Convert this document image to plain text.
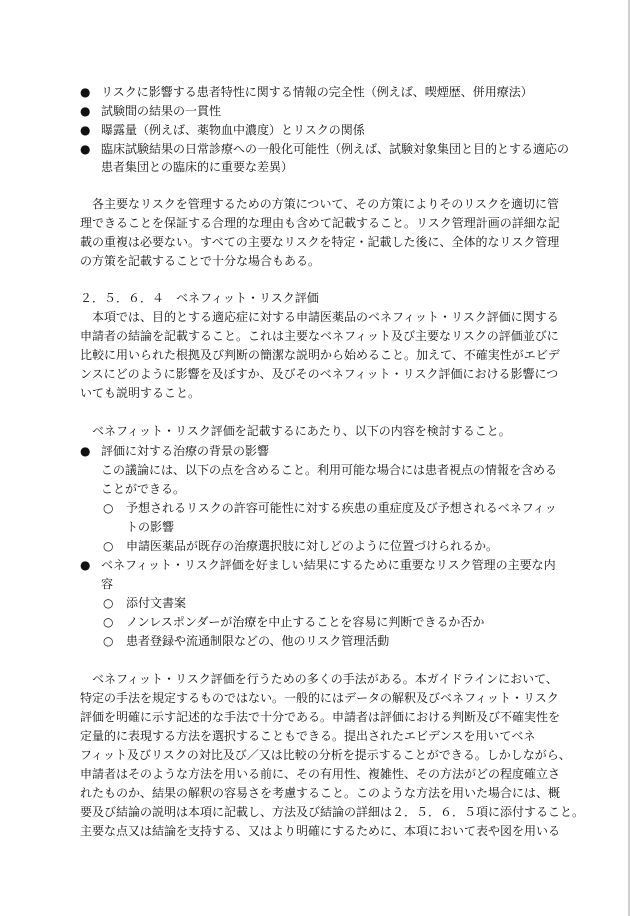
● リスクに影響する患者特性に関する情報の完全性（例えば、喫煙歴、併用療法）
● 試験間の結果の一貫性
● 曝露量（例えば、薬物血中濃度）とリスクの関係
● 臨床試験結果の日常診療への一般化可能性（例えば、試験対象集団と目的とする適応の
患者集団との臨床的に重要な差異）
各主要なリスクを管理するための方策について、その方策によりそのリスクを適切に管
理できることを保証する合理的な理由も含めて記載すること。リスク管理計画の詳細な記
載の重複は必要ない。すべての主要なリスクを特定・記載した後に、全体的なリスク管理
の方策を記載することで十分な場合もある。
２．５．６．４　ベネフィット・リスク評価
本項では、目的とする適応症に対する申請医薬品のベネフィット・リスク評価に関する
申請者の結論を記載すること。これは主要なベネフィット及び主要なリスクの評価並びに
比較に用いられた根拠及び判断の簡潔な説明から始めること。加えて、不確実性がエビデ
ンスにどのように影響を及ぼすか、及びそのベネフィット・リスク評価における影響につ
いても説明すること。
ベネフィット・リスク評価を記載するにあたり、以下の内容を検討すること。
● 評価に対する治療の背景の影響
この議論には、以下の点を含めること。利用可能な場合には患者視点の情報を含める
ことができる。
○ 予想されるリスクの許容可能性に対する疾患の重症度及び予想されるベネフィッ
トの影響
○ 申請医薬品が既存の治療選択肢に対しどのように位置づけられるか。
● ベネフィット・リスク評価を好ましい結果にするために重要なリスク管理の主要な内
容
○ 添付文書案
○ ノンレスポンダーが治療を中止することを容易に判断できるか否か
○ 患者登録や流通制限などの、他のリスク管理活動
ベネフィット・リスク評価を行うための多くの手法がある。本ガイドラインにおいて、
特定の手法を規定するものではない。一般的にはデータの解釈及びベネフィット・リスク
評価を明確に示す記述的な手法で十分である。申請者は評価における判断及び不確実性を
定量的に表現する方法を選択することもできる。提出されたエビデンスを用いてベネ
フィット及びリスクの対比及び／又は比較の分析を提示することができる。しかしながら、
申請者はそのような方法を用いる前に、その有用性、複雑性、その方法がどの程度確立さ
れたものか、結果の解釈の容易さを考慮すること。このような方法を用いた場合には、概
要及び結論の説明は本項に記載し、方法及び結論の詳細は２．５．６．５項に添付すること。
主要な点又は結論を支持する、又はより明確にするために、本項において表や図を用いる
